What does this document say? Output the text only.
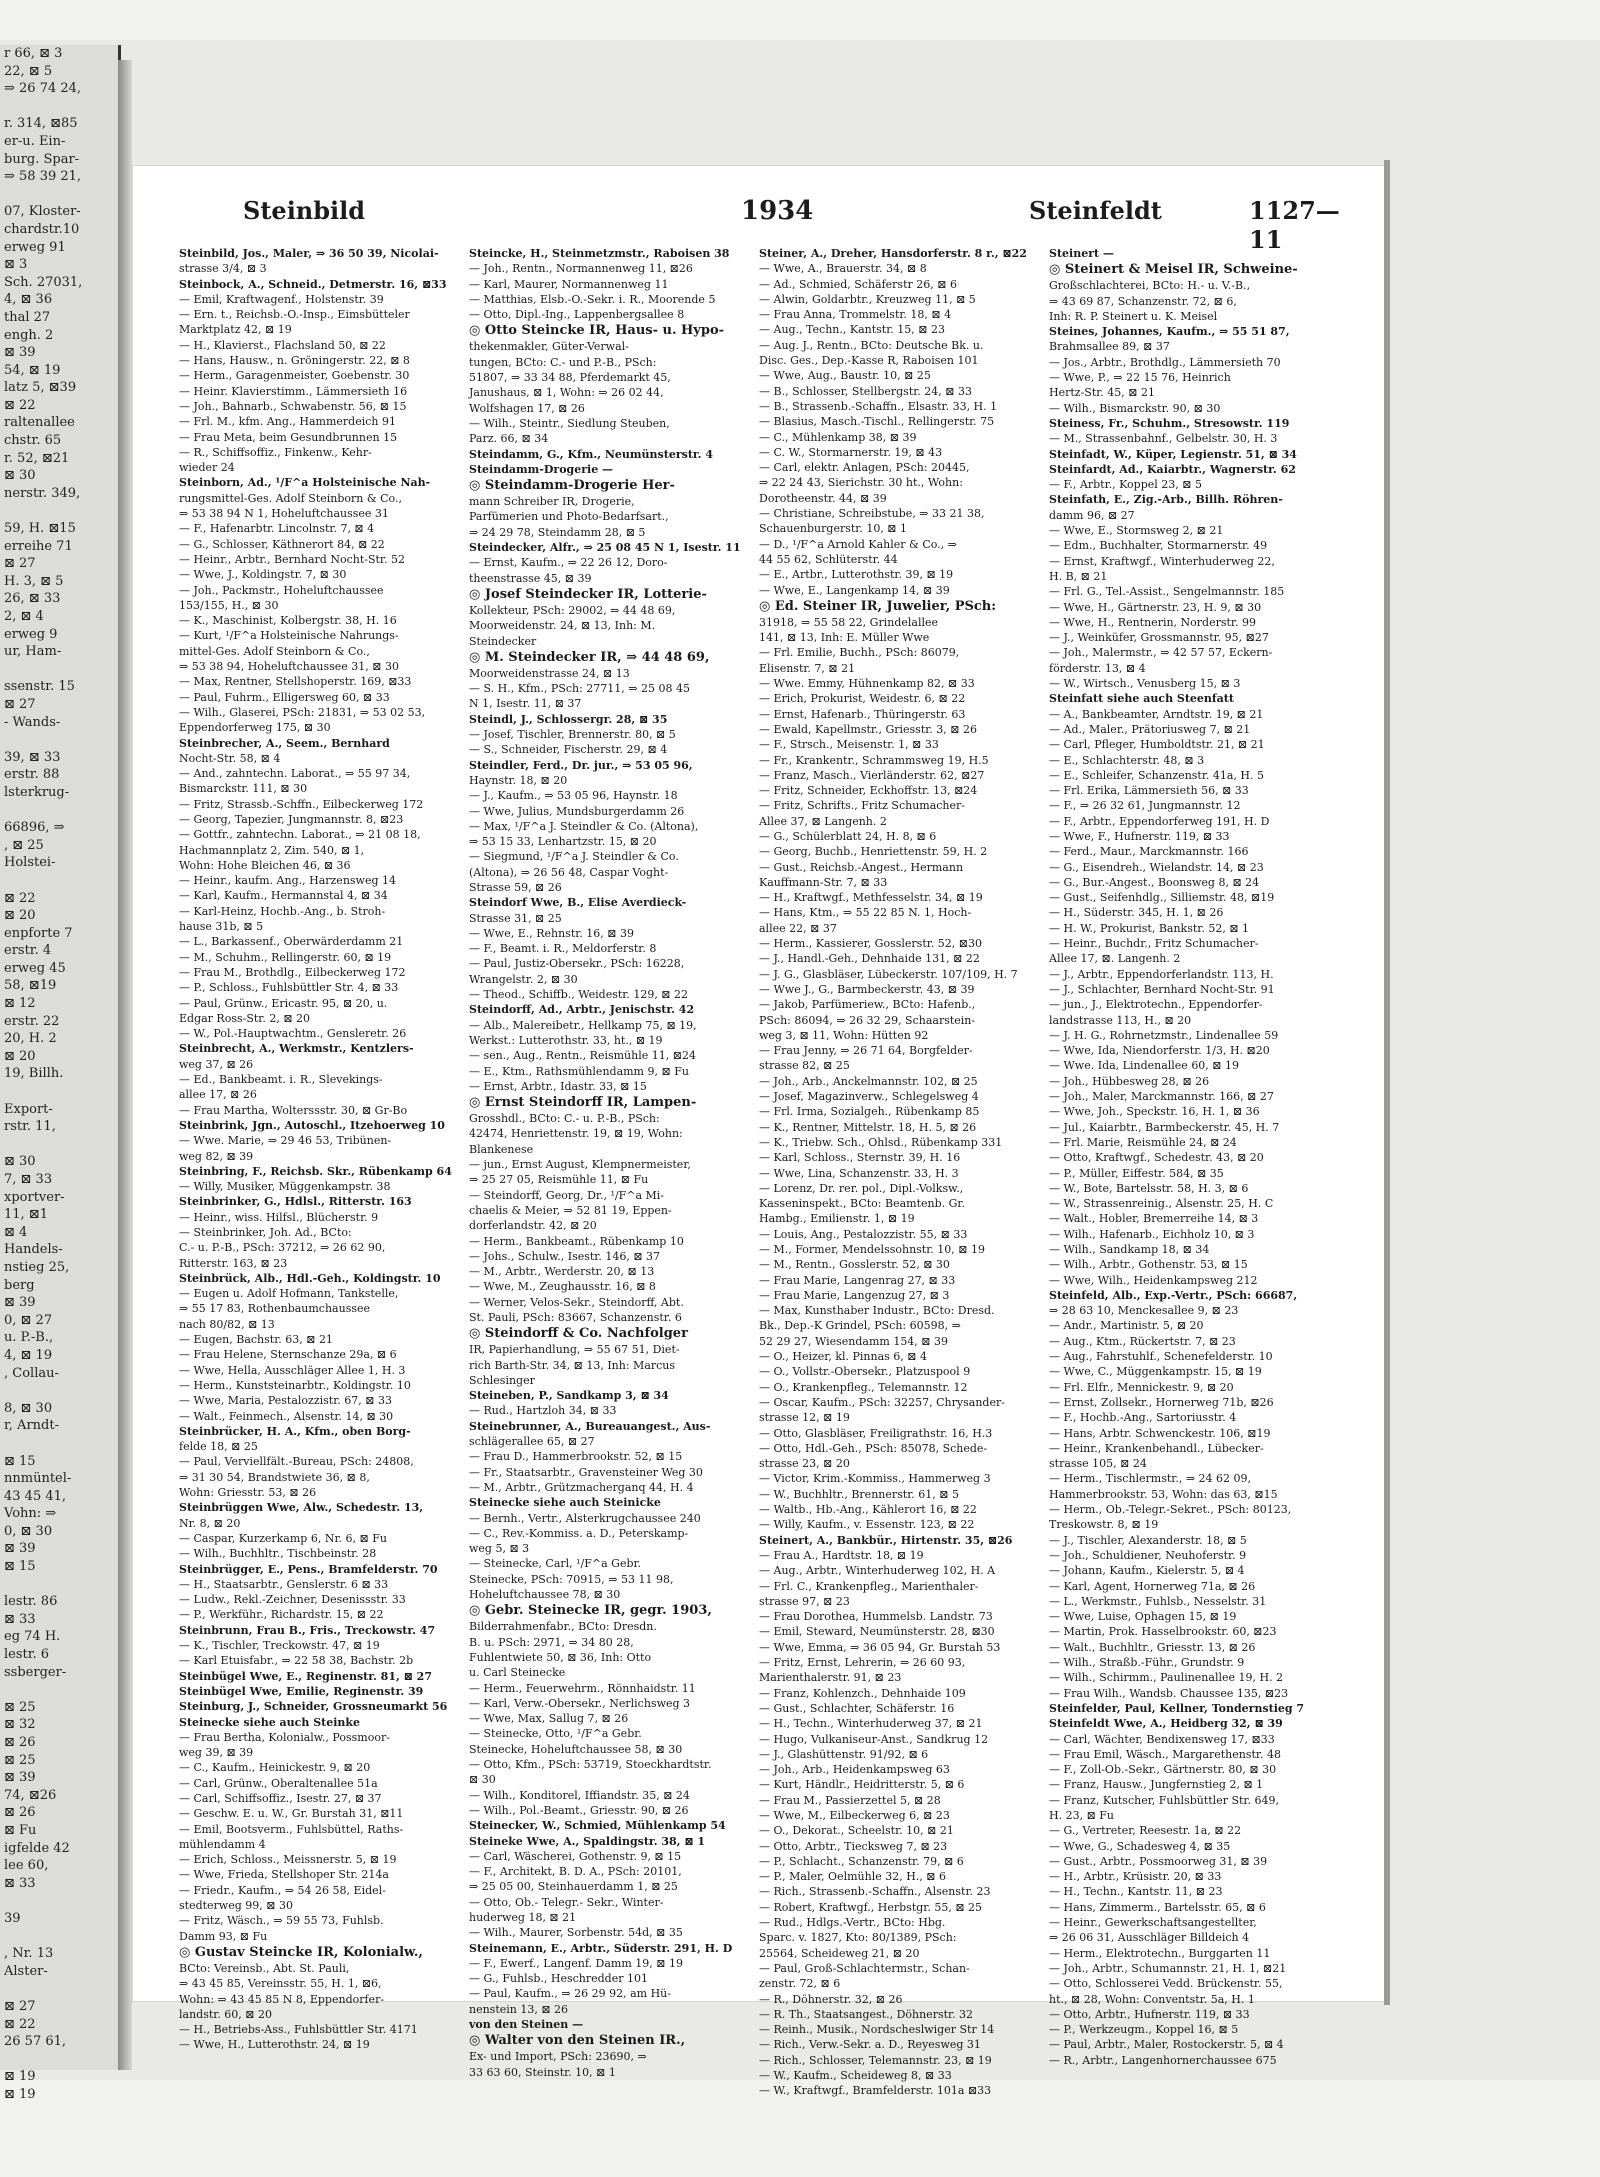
r 66, ⊠ 3
22, ⊠ 5
⇒ 26 74 24,

r. 314, ⊠85
er-u. Ein-
burg. Spar-
⇒ 58 39 21,

07, Kloster-
chardstr.10
erweg 91
⊠ 3
Sch. 27031,
4, ⊠ 36
thal 27
engh. 2
⊠ 39
54, ⊠ 19
latz 5, ⊠39
⊠ 22
raltenallee
chstr. 65
r. 52, ⊠21
⊠ 30
nerstr. 349,

59, H. ⊠15
erreihe 71
⊠ 27
H. 3, ⊠ 5
26, ⊠ 33
2, ⊠ 4
erweg 9
ur, Ham-

ssenstr. 15
⊠ 27
- Wands-

39, ⊠ 33
erstr. 88
lsterkrug-

66896, ⇒
, ⊠ 25
Holstei-

⊠ 22
⊠ 20
enpforte 7
erstr. 4
erweg 45
58, ⊠19
⊠ 12
erstr. 22
20, H. 2
⊠ 20
19, Billh.

Export-
rstr. 11,

⊠ 30
7, ⊠ 33
xportver-
11, ⊠1
⊠ 4
Handels-
nstieg 25,
berg
⊠ 39
0, ⊠ 27
u. P.-B.,
4, ⊠ 19
, Collau-

8, ⊠ 30
r, Arndt-

⊠ 15
nnmüntel-
43 45 41,
Vohn: ⇒
0, ⊠ 30
⊠ 39
⊠ 15

lestr. 86
⊠ 33
eg 74 H.
lestr. 6
ssberger-

⊠ 25
⊠ 32
⊠ 26
⊠ 25
⊠ 39
74, ⊠26
⊠ 26
⊠ Fu
igfelde 42
lee 60,
⊠ 33

39

, Nr. 13
Alster-

⊠ 27
⊠ 22
26 57 61,

⊠ 19
⊠ 19
Steinbild	1934	Steinfeldt	1127—11
Steinbild, Jos., Maler, ⇒ 36 50 39, Nicolai-
strasse 3/4, ⊠ 3
Steinbock, A., Schneid., Detmerstr. 16, ⊠33
— Emil, Kraftwagenf., Holstenstr. 39
— Ern. t., Reichsb.-O.-Insp., Eimsbütteler
Marktplatz 42, ⊠ 19
— H., Klavierst., Flachsland 50, ⊠ 22
— Hans, Hausw., n. Gröningerstr. 22, ⊠ 8
— Herm., Garagenmeister, Goebenstr. 30
— Heinr. Klavierstimm., Lämmersieth 16
— Joh., Bahnarb., Schwabenstr. 56, ⊠ 15
— Frl. M., kfm. Ang., Hammerdeich 91
— Frau Meta, beim Gesundbrunnen 15
— R., Schiffsoffiz., Finkenw., Kehr-
wieder 24
Steinborn, Ad., ¹/F^a Holsteinische Nah-
rungsmittel-Ges. Adolf Steinborn & Co.,
⇒ 53 38 94 N 1, Hoheluftchaussee 31
— F., Hafenarbtr. Lincolnstr. 7, ⊠ 4
— G., Schlosser, Käthnerort 84, ⊠ 22
— Heinr., Arbtr., Bernhard Nocht-Str. 52
— Wwe, J., Koldingstr. 7, ⊠ 30
— Joh., Packmstr., Hoheluftchaussee
153/155, H., ⊠ 30
— K., Maschinist, Kolbergstr. 38, H. 16
— Kurt, ¹/F^a Holsteinische Nahrungs-
mittel-Ges. Adolf Steinborn & Co.,
⇒ 53 38 94, Hoheluftchaussee 31, ⊠ 30
— Max, Rentner, Stellshoperstr. 169, ⊠33
— Paul, Fuhrm., Elligersweg 60, ⊠ 33
— Wilh., Glaserei, PSch: 21831, ⇒ 53 02 53,
Eppendorferweg 175, ⊠ 30
Steinbrecher, A., Seem., Bernhard
Nocht-Str. 58, ⊠ 4
— And., zahntechn. Laborat., ⇒ 55 97 34,
Bismarckstr. 111, ⊠ 30
— Fritz, Strassb.-Schffn., Eilbeckerweg 172
— Georg, Tapezier, Jungmannstr. 8, ⊠23
— Gottfr., zahntechn. Laborat., ⇒ 21 08 18,
Hachmannplatz 2, Zim. 540, ⊠ 1,
Wohn: Hohe Bleichen 46, ⊠ 36
— Heinr., kaufm. Ang., Harzensweg 14
— Karl, Kaufm., Hermannstal 4, ⊠ 34
— Karl-Heinz, Hochb.-Ang., b. Stroh-
hause 31b, ⊠ 5
— L., Barkassenf., Oberwärderdamm 21
— M., Schuhm., Rellingerstr. 60, ⊠ 19
— Frau M., Brothdlg., Eilbeckerweg 172
— P., Schloss., Fuhlsbüttler Str. 4, ⊠ 33
— Paul, Grünw., Ericastr. 95, ⊠ 20, u.
Edgar Ross-Str. 2, ⊠ 20
— W., Pol.-Hauptwachtm., Gensleretr. 26
Steinbrecht, A., Werkmstr., Kentzlers-
weg 37, ⊠ 26
— Ed., Bankbeamt. i. R., Slevekings-
allee 17, ⊠ 26
— Frau Martha, Wolterssstr. 30, ⊠ Gr-Bo
Steinbrink, Jgn., Autoschl., Itzehoerweg 10
— Wwe. Marie, ⇒ 29 46 53, Tribünen-
weg 82, ⊠ 39
Steinbring, F., Reichsb. Skr., Rübenkamp 64
— Willy, Musiker, Müggenkampstr. 38
Steinbrinker, G., Hdlsl., Ritterstr. 163
— Heinr., wiss. Hilfsl., Blücherstr. 9
— Steinbrinker, Joh. Ad., BCto:
C.- u. P.-B., PSch: 37212, ⇒ 26 62 90,
Ritterstr. 163, ⊠ 23
Steinbrück, Alb., Hdl.-Geh., Koldingstr. 10
— Eugen u. Adolf Hofmann, Tankstelle,
⇒ 55 17 83, Rothenbaumchaussee
nach 80/82, ⊠ 13
— Eugen, Bachstr. 63, ⊠ 21
— Frau Helene, Sternschanze 29a, ⊠ 6
— Wwe, Hella, Ausschläger Allee 1, H. 3
— Herm., Kunststeinarbtr., Koldingstr. 10
— Wwe, Maria, Pestalozzistr. 67, ⊠ 33
— Walt., Feinmech., Alsenstr. 14, ⊠ 30
Steinbrücker, H. A., Kfm., oben Borg-
felde 18, ⊠ 25
— Paul, Verviellfält.-Bureau, PSch: 24808,
⇒ 31 30 54, Brandstwiete 36, ⊠ 8,
Wohn: Griesstr. 53, ⊠ 26
Steinbrüggen Wwe, Alw., Schedestr. 13,
Nr. 8, ⊠ 20
— Caspar, Kurzerkamp 6, Nr. 6, ⊠ Fu
— Wilh., Buchhltr., Tischbeinstr. 28
Steinbrügger, E., Pens., Bramfelderstr. 70
— H., Staatsarbtr., Genslerstr. 6 ⊠ 33
— Ludw., Rekl.-Zeichner, Desenissstr. 33
— P., Werkführ., Richardstr. 15, ⊠ 22
Steinbrunn, Frau B., Fris., Treckowstr. 47
— K., Tischler, Treckowstr. 47, ⊠ 19
— Karl Etuisfabr., ⇒ 22 58 38, Bachstr. 2b
Steinbügel Wwe, E., Reginenstr. 81, ⊠ 27
Steinbügel Wwe, Emilie, Reginenstr. 39
Steinburg, J., Schneider, Grossneumarkt 56
Steinecke siehe auch Steinke
— Frau Bertha, Kolonialw., Possmoor-
weg 39, ⊠ 39
— C., Kaufm., Heinickestr. 9, ⊠ 20
— Carl, Grünw., Oberaltenallee 51a
— Carl, Schiffsoffiz., Isestr. 27, ⊠ 37
— Geschw. E. u. W., Gr. Burstah 31, ⊠11
— Emil, Bootsverm., Fuhlsbüttel, Raths-
mühlendamm 4
— Erich, Schloss., Meissnerstr. 5, ⊠ 19
— Wwe, Frieda, Stellshoper Str. 214a
— Friedr., Kaufm., ⇒ 54 26 58, Eidel-
stedterweg 99, ⊠ 30
— Fritz, Wäsch., ⇒ 59 55 73, Fuhlsb.
Damm 93, ⊠ Fu
◎ Gustav Steincke IR, Kolonialw.,
BCto: Vereinsb., Abt. St. Pauli,
⇒ 43 45 85, Vereinsstr. 55, H. 1, ⊠6,
Wohn: ⇒ 43 45 85 N 8, Eppendorfer-
landstr. 60, ⊠ 20
— H., Betriebs-Ass., Fuhlsbüttler Str. 4171
— Wwe, H., Lutterothstr. 24, ⊠ 19
Steincke, H., Steinmetzmstr., Raboisen 38
— Joh., Rentn., Normannenweg 11, ⊠26
— Karl, Maurer, Normannenweg 11
— Matthias, Elsb.-O.-Sekr. i. R., Moorende 5
— Otto, Dipl.-Ing., Lappenbergsallee 8
◎ Otto Steincke IR, Haus- u. Hypo-
thekenmakler, Güter-Verwal-
tungen, BCto: C.- und P.-B., PSch:
51807, ⇒ 33 34 88, Pferdemarkt 45,
Janushaus, ⊠ 1, Wohn: ⇒ 26 02 44,
Wolfshagen 17, ⊠ 26
— Wilh., Steintr., Siedlung Steuben,
Parz. 66, ⊠ 34
Steindamm, G., Kfm., Neumünsterstr. 4
Steindamm-Drogerie —
◎ Steindamm-Drogerie Her-
mann Schreiber IR, Drogerie,
Parfümerien und Photo-Bedarfsart.,
⇒ 24 29 78, Steindamm 28, ⊠ 5
Steindecker, Alfr., ⇒ 25 08 45 N 1, Isestr. 11
— Ernst, Kaufm., ⇒ 22 26 12, Doro-
theenstrasse 45, ⊠ 39
◎ Josef Steindecker IR, Lotterie-
Kollekteur, PSch: 29002, ⇒ 44 48 69,
Moorweidenstr. 24, ⊠ 13, Inh: M.
Steindecker
◎ M. Steindecker IR, ⇒ 44 48 69,
Moorweidenstrasse 24, ⊠ 13
— S. H., Kfm., PSch: 27711, ⇒ 25 08 45
N 1, Isestr. 11, ⊠ 37
Steindl, J., Schlossergr. 28, ⊠ 35
— Josef, Tischler, Brennerstr. 80, ⊠ 5
— S., Schneider, Fischerstr. 29, ⊠ 4
Steindler, Ferd., Dr. jur., ⇒ 53 05 96,
Haynstr. 18, ⊠ 20
— J., Kaufm., ⇒ 53 05 96, Haynstr. 18
— Wwe, Julius, Mundsburgerdamm 26
— Max, ¹/F^a J. Steindler & Co. (Altona),
⇒ 53 15 33, Lenhartzstr. 15, ⊠ 20
— Siegmund, ¹/F^a J. Steindler & Co.
(Altona), ⇒ 26 56 48, Caspar Voght-
Strasse 59, ⊠ 26
Steindorf Wwe, B., Elise Averdieck-
Strasse 31, ⊠ 25
— Wwe, E., Rehnstr. 16, ⊠ 39
— F., Beamt. i. R., Meldorferstr. 8
— Paul, Justiz-Obersekr., PSch: 16228,
Wrangelstr. 2, ⊠ 30
— Theod., Schiffb., Weidestr. 129, ⊠ 22
Steindorff, Ad., Arbtr., Jenischstr. 42
— Alb., Malereibetr., Hellkamp 75, ⊠ 19,
Werkst.: Lutterothstr. 33, ht., ⊠ 19
— sen., Aug., Rentn., Reismühle 11, ⊠24
— E., Ktm., Rathsmühlendamm 9, ⊠ Fu
— Ernst, Arbtr., Idastr. 33, ⊠ 15
◎ Ernst Steindorff IR, Lampen-
Grosshdl., BCto: C.- u. P.-B., PSch:
42474, Henriettenstr. 19, ⊠ 19, Wohn:
Blankenese
— jun., Ernst August, Klempnermeister,
⇒ 25 27 05, Reismühle 11, ⊠ Fu
— Steindorff, Georg, Dr., ¹/F^a Mi-
chaelis & Meier, ⇒ 52 81 19, Eppen-
dorferlandstr. 42, ⊠ 20
— Herm., Bankbeamt., Rübenkamp 10
— Johs., Schulw., Isestr. 146, ⊠ 37
— M., Arbtr., Werderstr. 20, ⊠ 13
— Wwe, M., Zeughausstr. 16, ⊠ 8
— Werner, Velos-Sekr., Steindorff, Abt.
St. Pauli, PSch: 83667, Schanzenstr. 6
◎ Steindorff & Co. Nachfolger
IR, Papierhandlung, ⇒ 55 67 51, Diet-
rich Barth-Str. 34, ⊠ 13, Inh: Marcus
Schlesinger
Steineben, P., Sandkamp 3, ⊠ 34
— Rud., Hartzloh 34, ⊠ 33
Steinebrunner, A., Bureauangest., Aus-
schlägerallee 65, ⊠ 27
— Frau D., Hammerbrookstr. 52, ⊠ 15
— Fr., Staatsarbtr., Gravensteiner Weg 30
— M., Arbtr., Grützmacherganq 44, H. 4
Steinecke siehe auch Steinicke
— Bernh., Vertr., Alsterkrugchaussee 240
— C., Rev.-Kommiss. a. D., Peterskamp-
weg 5, ⊠ 3
— Steinecke, Carl, ¹/F^a Gebr.
Steinecke, PSch: 70915, ⇒ 53 11 98,
Hoheluftchaussee 78, ⊠ 30
◎ Gebr. Steinecke IR, gegr. 1903,
Bilderrahmenfabr., BCto: Dresdn.
B. u. PSch: 2971, ⇒ 34 80 28,
Fuhlentwiete 50, ⊠ 36, Inh: Otto
u. Carl Steinecke
— Herm., Feuerwehrm., Rönnhaidstr. 11
— Karl, Verw.-Obersekr., Nerlichsweg 3
— Wwe, Max, Sallug 7, ⊠ 26
— Steinecke, Otto, ¹/F^a Gebr.
Steinecke, Hoheluftchaussee 58, ⊠ 30
— Otto, Kfm., PSch: 53719, Stoeckhardtstr.
⊠ 30
— Wilh., Konditorel, Iffiandstr. 35, ⊠ 24
— Wilh., Pol.-Beamt., Griesstr. 90, ⊠ 26
Steinecker, W., Schmied, Mühlenkamp 54
Steineke Wwe, A., Spaldingstr. 38, ⊠ 1
— Carl, Wäscherei, Gothenstr. 9, ⊠ 15
— F., Architekt, B. D. A., PSch: 20101,
⇒ 25 05 00, Steinhauerdamm 1, ⊠ 25
— Otto, Ob.- Telegr.- Sekr., Winter-
huderweg 18, ⊠ 21
— Wilh., Maurer, Sorbenstr. 54d, ⊠ 35
Steinemann, E., Arbtr., Süderstr. 291, H. D
— F., Ewerf., Langenf. Damm 19, ⊠ 19
— G., Fuhlsb., Heschredder 101
— Paul, Kaufm., ⇒ 26 29 92, am Hü-
nenstein 13, ⊠ 26
von den Steinen —
◎ Walter von den Steinen IR.,
Ex- und Import, PSch: 23690, ⇒
33 63 60, Steinstr. 10, ⊠ 1
Steiner, A., Dreher, Hansdorferstr. 8 r., ⊠22
— Wwe, A., Brauerstr. 34, ⊠ 8
— Ad., Schmied, Schäferstr 26, ⊠ 6
— Alwin, Goldarbtr., Kreuzweg 11, ⊠ 5
— Frau Anna, Trommelstr. 18, ⊠ 4
— Aug., Techn., Kantstr. 15, ⊠ 23
— Aug. J., Rentn., BCto: Deutsche Bk. u.
Disc. Ges., Dep.-Kasse R, Raboisen 101
— Wwe, Aug., Baustr. 10, ⊠ 25
— B., Schlosser, Stellbergstr. 24, ⊠ 33
— B., Strassenb.-Schaffn., Elsastr. 33, H. 1
— Blasius, Masch.-Tischl., Rellingerstr. 75
— C., Mühlenkamp 38, ⊠ 39
— C. W., Stormarnerstr. 19, ⊠ 43
— Carl, elektr. Anlagen, PSch: 20445,
⇒ 22 24 43, Sierichstr. 30 ht., Wohn:
Dorotheenstr. 44, ⊠ 39
— Christiane, Schreibstube, ⇒ 33 21 38,
Schauenburgerstr. 10, ⊠ 1
— D., ¹/F^a Arnold Kahler & Co., ⇒
44 55 62, Schlüterstr. 44
— E., Artbr., Lutterothstr. 39, ⊠ 19
— Wwe, E., Langenkamp 14, ⊠ 39
◎ Ed. Steiner IR, Juwelier, PSch:
31918, ⇒ 55 58 22, Grindelallee
141, ⊠ 13, Inh: E. Müller Wwe
— Frl. Emilie, Buchh., PSch: 86079,
Elisenstr. 7, ⊠ 21
— Wwe. Emmy, Hühnenkamp 82, ⊠ 33
— Erich, Prokurist, Weidestr. 6, ⊠ 22
— Ernst, Hafenarb., Thüringerstr. 63
— Ewald, Kapellmstr., Griesstr. 3, ⊠ 26
— F., Strsch., Meisenstr. 1, ⊠ 33
— Fr., Krankentr., Schrammsweg 19, H.5
— Franz, Masch., Vierländerstr. 62, ⊠27
— Fritz, Schneider, Eckhoffstr. 13, ⊠24
— Fritz, Schrifts., Fritz Schumacher-
Allee 37, ⊠ Langenh. 2
— G., Schülerblatt 24, H. 8, ⊠ 6
— Georg, Buchb., Henriettenstr. 59, H. 2
— Gust., Reichsb.-Angest., Hermann
Kauffmann-Str. 7, ⊠ 33
— H., Kraftwgf., Methfesselstr. 34, ⊠ 19
— Hans, Ktm., ⇒ 55 22 85 N. 1, Hoch-
allee 22, ⊠ 37
— Herm., Kassierer, Gosslerstr. 52, ⊠30
— J., Handl.-Geh., Dehnhaide 131, ⊠ 22
— J. G., Glasbläser, Lübeckerstr. 107/109, H. 7
— Wwe J., G., Barmbeckerstr. 43, ⊠ 39
— Jakob, Parfümeriew., BCto: Hafenb.,
PSch: 86094, ⇒ 26 32 29, Schaarstein-
weg 3, ⊠ 11, Wohn: Hütten 92
— Frau Jenny, ⇒ 26 71 64, Borgfelder-
strasse 82, ⊠ 25
— Joh., Arb., Anckelmannstr. 102, ⊠ 25
— Josef, Magazinverw., Schlegelsweg 4
— Frl. Irma, Sozialgeh., Rübenkamp 85
— K., Rentner, Mittelstr. 18, H. 5, ⊠ 26
— K., Triebw. Sch., Ohlsd., Rübenkamp 331
— Karl, Schloss., Sternstr. 39, H. 16
— Wwe, Lina, Schanzenstr. 33, H. 3
— Lorenz, Dr. rer. pol., Dipl.-Volksw.,
Kasseninspekt., BCto: Beamtenb. Gr.
Hambg., Emilienstr. 1, ⊠ 19
— Louis, Ang., Pestalozzistr. 55, ⊠ 33
— M., Former, Mendelssohnstr. 10, ⊠ 19
— M., Rentn., Gosslerstr. 52, ⊠ 30
— Frau Marie, Langenrag 27, ⊠ 33
— Frau Marie, Langenzug 27, ⊠ 3
— Max, Kunsthaber Industr., BCto: Dresd.
Bk., Dep.-K Grindel, PSch: 60598, ⇒
52 29 27, Wiesendamm 154, ⊠ 39
— O., Heizer, kl. Pinnas 6, ⊠ 4
— O., Vollstr.-Obersekr., Platzuspool 9
— O., Krankenpfleg., Telemannstr. 12
— Oscar, Kaufm., PSch: 32257, Chrysander-
strasse 12, ⊠ 19
— Otto, Glasbläser, Freiligrathstr. 16, H.3
— Otto, Hdl.-Geh., PSch: 85078, Schede-
strasse 23, ⊠ 20
— Victor, Krim.-Kommiss., Hammerweg 3
— W., Buchhltr., Brennerstr. 61, ⊠ 5
— Waltb., Hb.-Ang., Kählerort 16, ⊠ 22
— Willy, Kaufm., v. Essenstr. 123, ⊠ 22
Steinert, A., Bankbür., Hirtenstr. 35, ⊠26
— Frau A., Hardtstr. 18, ⊠ 19
— Aug., Arbtr., Winterhuderweg 102, H. A
— Frl. C., Krankenpfleg., Marienthaler-
strasse 97, ⊠ 23
— Frau Dorothea, Hummelsb. Landstr. 73
— Emil, Steward, Neumünsterstr. 28, ⊠30
— Wwe, Emma, ⇒ 36 05 94, Gr. Burstah 53
— Fritz, Ernst, Lehrerin, ⇒ 26 60 93,
Marienthalerstr. 91, ⊠ 23
— Franz, Kohlenzch., Dehnhaide 109
— Gust., Schlachter, Schäferstr. 16
— H., Techn., Winterhuderweg 37, ⊠ 21
— Hugo, Vulkaniseur-Anst., Sandkrug 12
— J., Glashüttenstr. 91/92, ⊠ 6
— Joh., Arb., Heidenkampsweg 63
— Kurt, Händlr., Heidritterstr. 5, ⊠ 6
— Frau M., Passierzettel 5, ⊠ 28
— Wwe, M., Eilbeckerweg 6, ⊠ 23
— O., Dekorat., Scheelstr. 10, ⊠ 21
— Otto, Arbtr., Tiecksweg 7, ⊠ 23
— P., Schlacht., Schanzenstr. 79, ⊠ 6
— P., Maler, Oelmühle 32, H., ⊠ 6
— Rich., Strassenb.-Schaffn., Alsenstr. 23
— Robert, Kraftwgf., Herbstgr. 55, ⊠ 25
— Rud., Hdlgs.-Vertr., BCto: Hbg.
Sparc. v. 1827, Kto: 80/1389, PSch:
25564, Scheideweg 21, ⊠ 20
— Paul, Groß-Schlachtermstr., Schan-
zenstr. 72, ⊠ 6
— R., Döhnerstr. 32, ⊠ 26
— R. Th., Staatsangest., Döhnerstr. 32
— Reinh., Musik., Nordscheslwiger Str 14
— Rich., Verw.-Sekr. a. D., Reyesweg 31
— Rich., Schlosser, Telemannstr. 23, ⊠ 19
— W., Kaufm., Scheideweg 8, ⊠ 33
— W., Kraftwgf., Bramfelderstr. 101a ⊠33
Steinert —
◎ Steinert & Meisel IR, Schweine-
Großschlachterei, BCto: H.- u. V.-B.,
⇒ 43 69 87, Schanzenstr. 72, ⊠ 6,
Inh: R. P. Steinert u. K. Meisel
Steines, Johannes, Kaufm., ⇒ 55 51 87,
Brahmsallee 89, ⊠ 37
— Jos., Arbtr., Brothdlg., Lämmersieth 70
— Wwe, P., ⇒ 22 15 76, Heinrich
Hertz-Str. 45, ⊠ 21
— Wilh., Bismarckstr. 90, ⊠ 30
Steiness, Fr., Schuhm., Stresowstr. 119
— M., Strassenbahnf., Gelbelstr. 30, H. 3
Steinfadt, W., Küper, Legienstr. 51, ⊠ 34
Steinfardt, Ad., Kaiarbtr., Wagnerstr. 62
— F., Arbtr., Koppel 23, ⊠ 5
Steinfath, E., Zig.-Arb., Billh. Röhren-
damm 96, ⊠ 27
— Wwe, E., Stormsweg 2, ⊠ 21
— Edm., Buchhalter, Stormarnerstr. 49
— Ernst, Kraftwgf., Winterhuderweg 22,
H. B, ⊠ 21
— Frl. G., Tel.-Assist., Sengelmannstr. 185
— Wwe, H., Gärtnerstr. 23, H. 9, ⊠ 30
— Wwe, H., Rentnerin, Norderstr. 99
— J., Weinküfer, Grossmannstr. 95, ⊠27
— Joh., Malermstr., ⇒ 42 57 57, Eckern-
förderstr. 13, ⊠ 4
— W., Wirtsch., Venusberg 15, ⊠ 3
Steinfatt siehe auch Steenfatt
— A., Bankbeamter, Arndtstr. 19, ⊠ 21
— Ad., Maler., Prätoriusweg 7, ⊠ 21
— Carl, Pfleger, Humboldtstr. 21, ⊠ 21
— E., Schlachterstr. 48, ⊠ 3
— E., Schleifer, Schanzenstr. 41a, H. 5
— Frl. Erika, Lämmersieth 56, ⊠ 33
— F., ⇒ 26 32 61, Jungmannstr. 12
— F., Arbtr., Eppendorferweg 191, H. D
— Wwe, F., Hufnerstr. 119, ⊠ 33
— Ferd., Maur., Marckmannstr. 166
— G., Eisendreh., Wielandstr. 14, ⊠ 23
— G., Bur.-Angest., Boonsweg 8, ⊠ 24
— Gust., Seifenhdlg., Silliemstr. 48, ⊠19
— H., Süderstr. 345, H. 1, ⊠ 26
— H. W., Prokurist, Bankstr. 52, ⊠ 1
— Heinr., Buchdr., Fritz Schumacher-
Allee 17, ⊠. Langenh. 2
— J., Arbtr., Eppendorferlandstr. 113, H.
— J., Schlachter, Bernhard Nocht-Str. 91
— jun., J., Elektrotechn., Eppendorfer-
landstrasse 113, H., ⊠ 20
— J. H. G., Rohrnetzmstr., Lindenallee 59
— Wwe, Ida, Niendorferstr. 1/3, H. ⊠20
— Wwe. Ida, Lindenallee 60, ⊠ 19
— Joh., Hübbesweg 28, ⊠ 26
— Joh., Maler, Marckmannstr. 166, ⊠ 27
— Wwe, Joh., Speckstr. 16, H. 1, ⊠ 36
— Jul., Kaiarbtr., Barmbeckerstr. 45, H. 7
— Frl. Marie, Reismühle 24, ⊠ 24
— Otto, Kraftwgf., Schedestr. 43, ⊠ 20
— P., Müller, Eiffestr. 584, ⊠ 35
— W., Bote, Bartelsstr. 58, H. 3, ⊠ 6
— W., Strassenreinig., Alsenstr. 25, H. C
— Walt., Hobler, Bremerreihe 14, ⊠ 3
— Wilh., Hafenarb., Eichholz 10, ⊠ 3
— Wilh., Sandkamp 18, ⊠ 34
— Wilh., Arbtr., Gothenstr. 53, ⊠ 15
— Wwe, Wilh., Heidenkampsweg 212
Steinfeld, Alb., Exp.-Vertr., PSch: 66687,
⇒ 28 63 10, Menckesallee 9, ⊠ 23
— Andr., Martinistr. 5, ⊠ 20
— Aug., Ktm., Rückertstr. 7, ⊠ 23
— Aug., Fahrstuhlf., Schenefelderstr. 10
— Wwe, C., Müggenkampstr. 15, ⊠ 19
— Frl. Elfr., Mennickestr. 9, ⊠ 20
— Ernst, Zollsekr., Hornerweg 71b, ⊠26
— F., Hochb.-Ang., Sartoriusstr. 4
— Hans, Arbtr. Schwenckestr. 106, ⊠19
— Heinr., Krankenbehandl., Lübecker-
strasse 105, ⊠ 24
— Herm., Tischlermstr., ⇒ 24 62 09,
Hammerbrookstr. 53, Wohn: das 63, ⊠15
— Herm., Ob.-Telegr.-Sekret., PSch: 80123,
Treskowstr. 8, ⊠ 19
— J., Tischler, Alexanderstr. 18, ⊠ 5
— Joh., Schuldiener, Neuhoferstr. 9
— Johann, Kaufm., Kielerstr. 5, ⊠ 4
— Karl, Agent, Hornerweg 71a, ⊠ 26
— L., Werkmstr., Fuhlsb., Nesselstr. 31
— Wwe, Luise, Ophagen 15, ⊠ 19
— Martin, Prok. Hasselbrookstr. 60, ⊠23
— Walt., Buchhltr., Griesstr. 13, ⊠ 26
— Wilh., Straßb.-Führ., Grundstr. 9
— Wilh., Schirmm., Paulinenallee 19, H. 2
— Frau Wilh., Wandsb. Chaussee 135, ⊠23
Steinfelder, Paul, Kellner, Tondernstieg 7
Steinfeldt Wwe, A., Heidberg 32, ⊠ 39
— Carl, Wächter, Bendixensweg 17, ⊠33
— Frau Emil, Wäsch., Margarethenstr. 48
— F., Zoll-Ob.-Sekr., Gärtnerstr. 80, ⊠ 30
— Franz, Hausw., Jungfernstieg 2, ⊠ 1
— Franz, Kutscher, Fuhlsbüttler Str. 649,
H. 23, ⊠ Fu
— G., Vertreter, Reesestr. 1a, ⊠ 22
— Wwe, G., Schadesweg 4, ⊠ 35
— Gust., Arbtr., Possmoorweg 31, ⊠ 39
— H., Arbtr., Krüsistr. 20, ⊠ 33
— H., Techn., Kantstr. 11, ⊠ 23
— Hans, Zimmerm., Bartelsstr. 65, ⊠ 6
— Heinr., Gewerkschaftsangestellter,
⇒ 26 06 31, Ausschläger Billdeich 4
— Herm., Elektrotechn., Burggarten 11
— Joh., Arbtr., Schumannstr. 21, H. 1, ⊠21
— Otto, Schlosserei Vedd. Brückenstr. 55,
ht., ⊠ 28, Wohn: Conventstr. 5a, H. 1
— Otto, Arbtr., Hufnerstr. 119, ⊠ 33
— P., Werkzeugm., Koppel 16, ⊠ 5
— Paul, Arbtr., Maler, Rostockerstr. 5, ⊠ 4
— R., Arbtr., Langenhornerchaussee 675
